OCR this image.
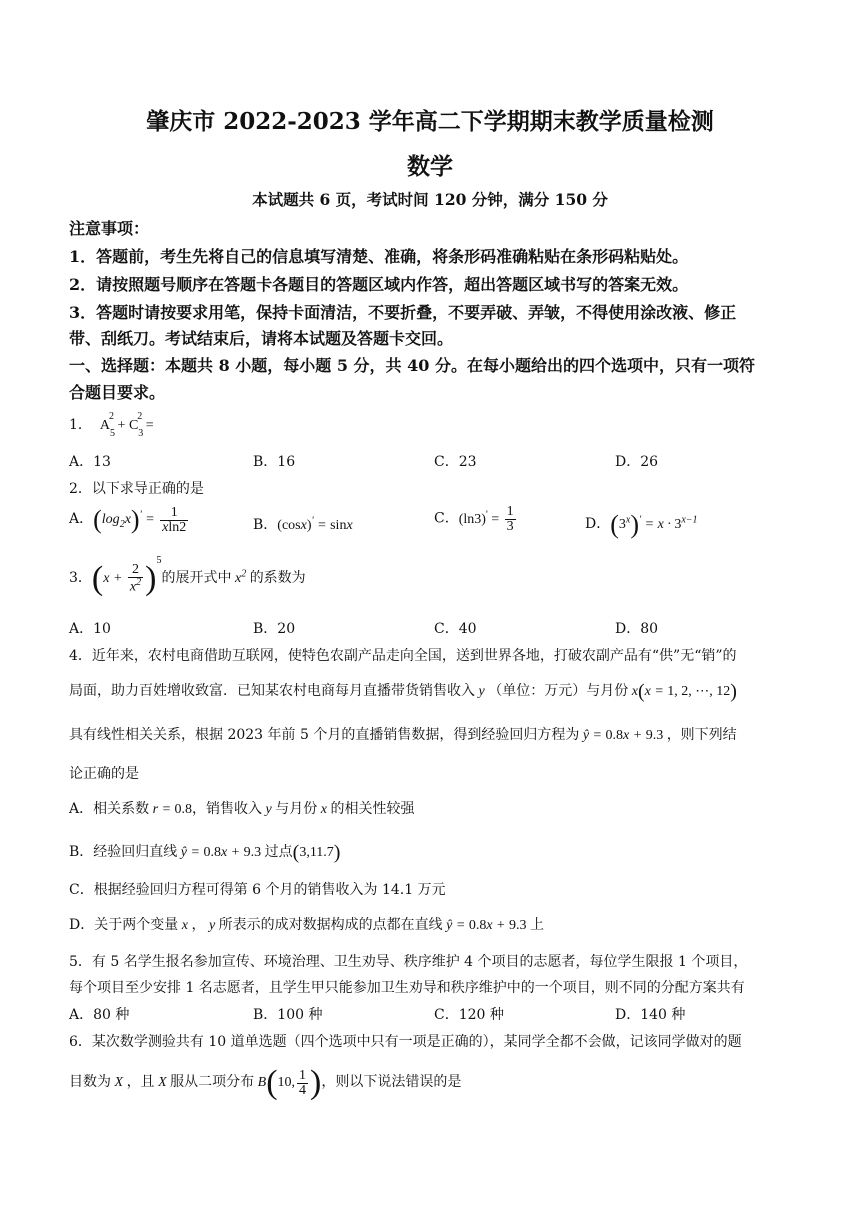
肇庆市 2022-2023 学年高二下学期期末教学质量检测
数学
本试题共 6 页，考试时间 120 分钟，满分 150 分
注意事项：
1．答题前，考生先将自己的信息填写清楚、准确，将条形码准确粘贴在条形码粘贴处。
2．请按照题号顺序在答题卡各题目的答题区域内作答，超出答题区域书写的答案无效。
3．答题时请按要求用笔，保持卡面清洁，不要折叠，不要弄破、弄皱，不得使用涂改液、修正
带、刮纸刀。考试结束后，请将本试题及答题卡交回。
一、选择题：本题共 8 小题，每小题 5 分，共 40 分。在每小题给出的四个选项中，只有一项符
合题目要求。
1． $A_5^2 + C_3^2$ =
A．13	B．16	C．23	D．26
2．以下求导正确的是
A．$(\log_2x)' = \frac{1}{xln2}$	B．(cosx)' = sinx	C．$(\ln 3)' = \frac{1}{3}$	D．$(3^x)' = x \cdot 3^{x-1}$
3．$(x + \frac{2}{x^2} )^5$的展开式中 $x^2$ 的系数为
A．10	B．20	C．40	D．80
4．近年来，农村电商借助互联网，使特色农副产品走向全国，送到世界各地，打破农副产品有“供”无“销”的
局面，助力百姓增收致富．已知某农村电商每月直播带货销售收入 y （单位：万元）与月份 x(x = 1, 2, ⋯, 12)
具有线性相关关系，根据 2023 年前 5 个月的直播销售数据，得到经验回归方程为 ŷ = 0.8x + 9.3 ，则下列结
论正确的是
A．相关系数 r = 0.8，销售收入 y 与月份 x 的相关性较强
B．经验回归直线 ŷ = 0.8x + 9.3 过点(3,11.7)
C．根据经验回归方程可得第 6 个月的销售收入为 14.1 万元
D．关于两个变量 x ， y 所表示的成对数据构成的点都在直线 ŷ = 0.8x + 9.3 上
5．有 5 名学生报名参加宣传、环境治理、卫生劝导、秩序维护 4 个项目的志愿者，每位学生限报 1 个项目，
每个项目至少安排 1 名志愿者，且学生甲只能参加卫生劝导和秩序维护中的一个项目，则不同的分配方案共有
A．80 种	B．100 种	C．120 种	D．140 种
6．某次数学测验共有 10 道单选题（四个选项中只有一项是正确的），某同学全都不会做，记该同学做对的题
目数为 X ，且 X 服从二项分布 B(10, $\frac{1}{4}$ )，则以下说法错误的是
